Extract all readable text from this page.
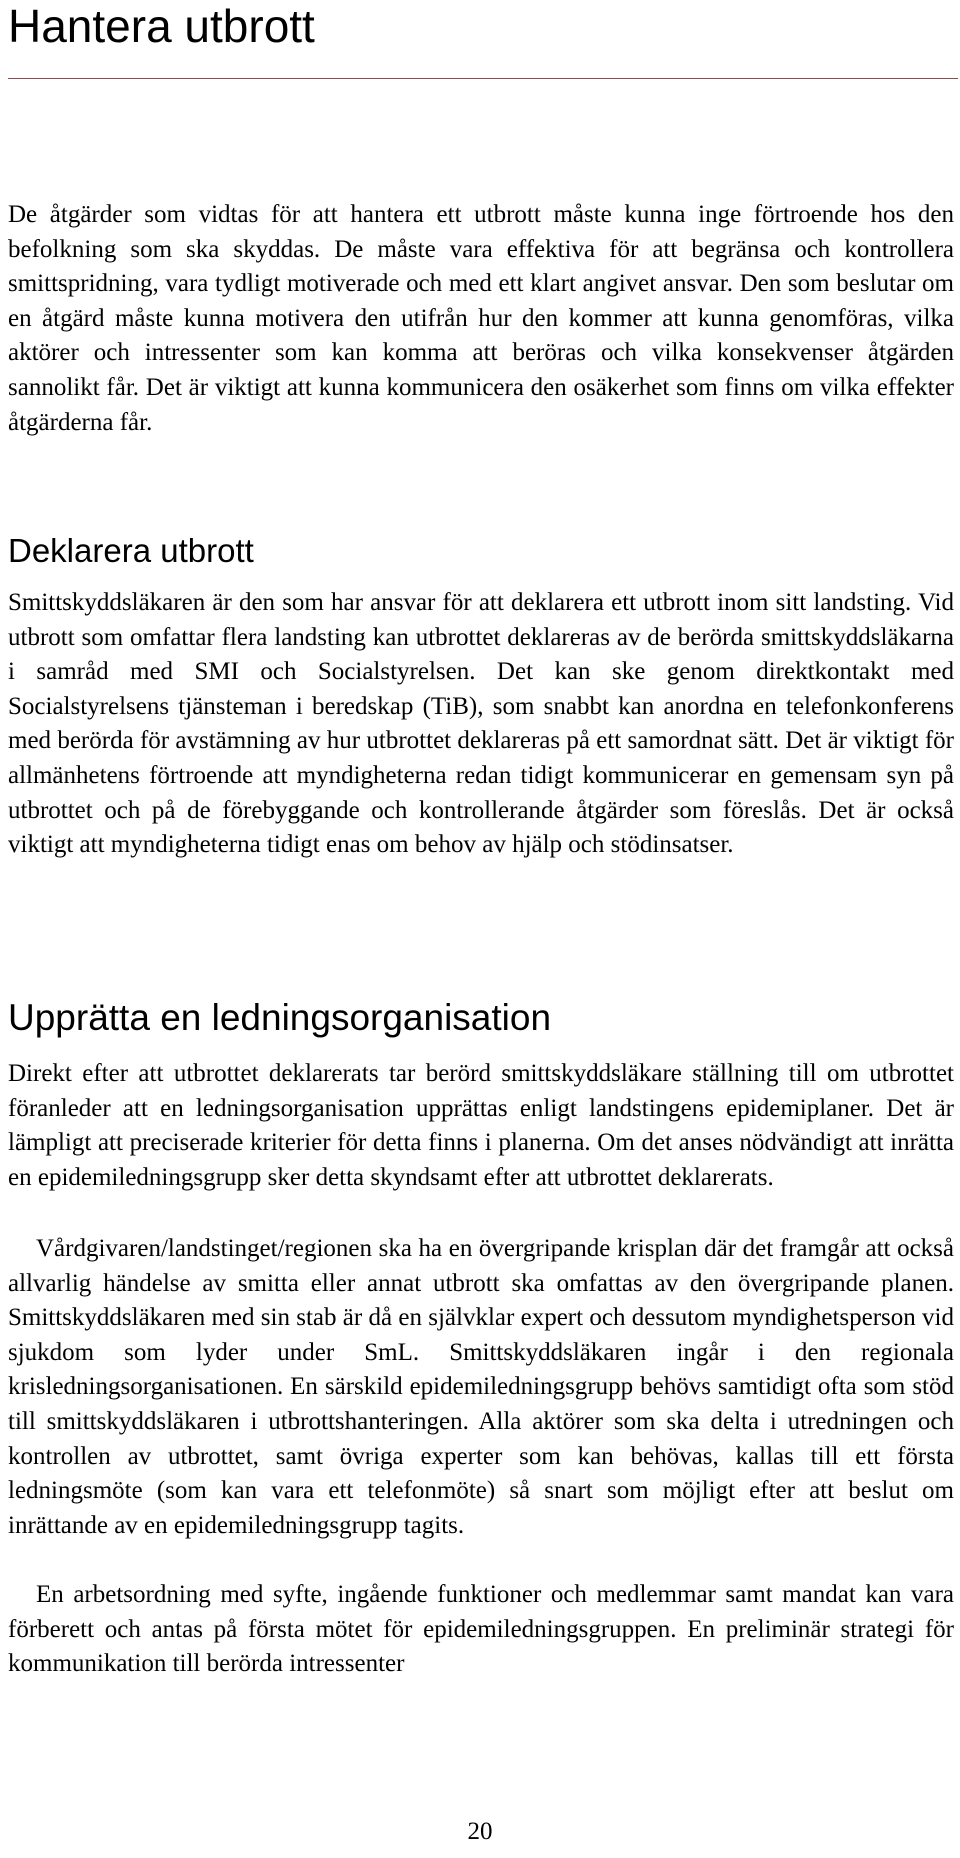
Hantera utbrott

De åtgärder som vidtas för att hantera ett utbrott måste kunna inge förtroende hos den befolkning som ska skyddas. De måste vara effektiva för att begränsa och kontrollera smittspridning, vara tydligt motiverade och med ett klart angivet ansvar. Den som beslutar om en åtgärd måste kunna motivera den utifrån hur den kommer att kunna genomföras, vilka aktörer och intressenter som kan komma att beröras och vilka konsekvenser åtgärden sannolikt får. Det är viktigt att kunna kommunicera den osäkerhet som finns om vilka effekter åtgärderna får.

Deklarera utbrott

Smittskyddsläkaren är den som har ansvar för att deklarera ett utbrott inom sitt landsting. Vid utbrott som omfattar flera landsting kan utbrottet deklareras av de berörda smittskyddsläkarna i samråd med SMI och Socialstyrelsen. Det kan ske genom direktkontakt med Socialstyrelsens tjänsteman i beredskap (TiB), som snabbt kan anordna en telefonkonferens med berörda för avstämning av hur utbrottet deklareras på ett samordnat sätt. Det är viktigt för allmänhetens förtroende att myndigheterna redan tidigt kommunicerar en gemensam syn på utbrottet och på de förebyggande och kontrollerande åtgärder som föreslås. Det är också viktigt att myndigheterna tidigt enas om behov av hjälp och stödinsatser.

Upprätta en ledningsorganisation

Direkt efter att utbrottet deklarerats tar berörd smittskyddsläkare ställning till om utbrottet föranleder att en ledningsorganisation upprättas enligt landstingens epidemiplaner. Det är lämpligt att preciserade kriterier för detta finns i planerna. Om det anses nödvändigt att inrätta en epidemiledningsgrupp sker detta skyndsamt efter att utbrottet deklarerats.

Vårdgivaren/landstinget/regionen ska ha en övergripande krisplan där det framgår att också allvarlig händelse av smitta eller annat utbrott ska omfattas av den övergripande planen. Smittskyddsläkaren med sin stab är då en självklar expert och dessutom myndighetsperson vid sjukdom som lyder under SmL. Smittskyddsläkaren ingår i den regionala krisledningsorganisationen. En särskild epidemiledningsgrupp behövs samtidigt ofta som stöd till smittskyddsläkaren i utbrottshanteringen. Alla aktörer som ska delta i utredningen och kontrollen av utbrottet, samt övriga experter som kan behövas, kallas till ett första ledningsmöte (som kan vara ett telefonmöte) så snart som möjligt efter att beslut om inrättande av en epidemiledningsgrupp tagits.

En arbetsordning med syfte, ingående funktioner och medlemmar samt mandat kan vara förberett och antas på första mötet för epidemiledningsgruppen. En preliminär strategi för kommunikation till berörda intressenter

20
